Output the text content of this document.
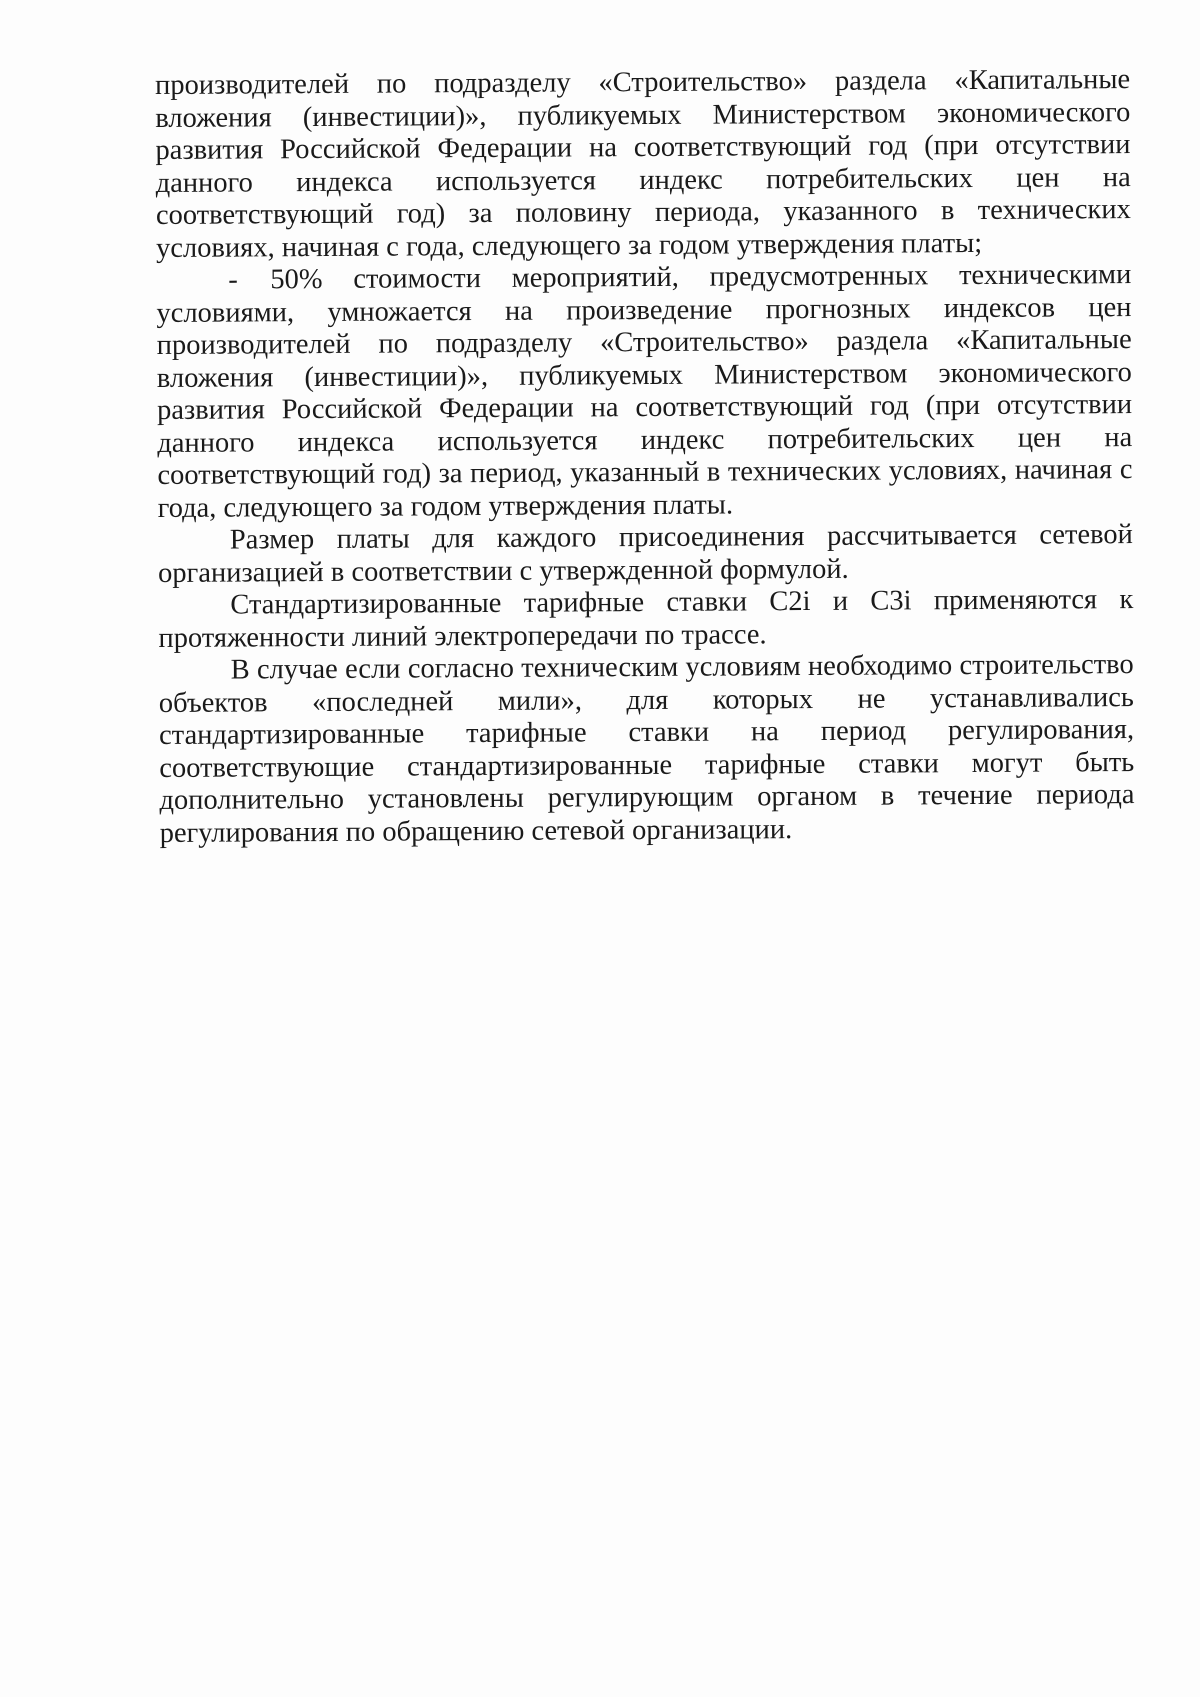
производителей по подразделу «Строительство» раздела «Капитальные вложения (инвестиции)», публикуемых Министерством экономического развития Российской Федерации на соответствующий год (при отсутствии данного индекса используется индекс потребительских цен на соответствующий год) за половину периода, указанного в технических условиях, начиная с года, следующего за годом утверждения платы;

- 50% стоимости мероприятий, предусмотренных техническими условиями, умножается на произведение прогнозных индексов цен производителей по подразделу «Строительство» раздела «Капитальные вложения (инвестиции)», публикуемых Министерством экономического развития Российской Федерации на соответствующий год (при отсутствии данного индекса используется индекс потребительских цен на соответствующий год) за период, указанный в технических условиях, начиная с года, следующего за годом утверждения платы.

Размер платы для каждого присоединения рассчитывается сетевой организацией в соответствии с утвержденной формулой.

Стандартизированные тарифные ставки С2i и С3i применяются к протяженности линий электропередачи по трассе.

В случае если согласно техническим условиям необходимо строительство объектов «последней мили», для которых не устанавливались стандартизированные тарифные ставки на период регулирования, соответствующие стандартизированные тарифные ставки могут быть дополнительно установлены регулирующим органом в течение периода регулирования по обращению сетевой организации.
